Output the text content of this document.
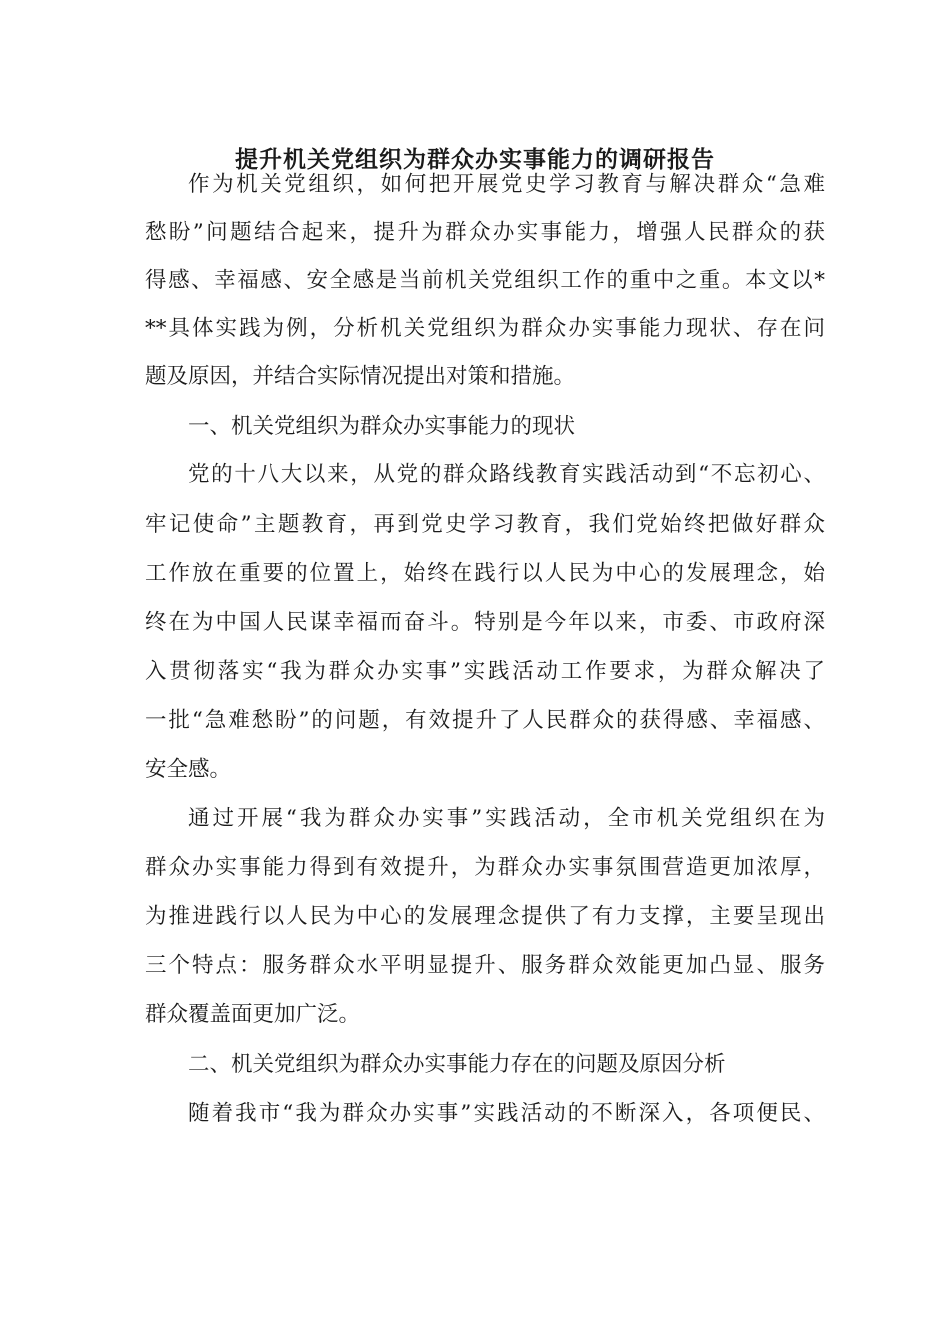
提升机关党组织为群众办实事能力的调研报告
作为机关党组织，如何把开展党史学习教育与解决群众“急难
愁盼”问题结合起来，提升为群众办实事能力，增强人民群众的获
得感、幸福感、安全感是当前机关党组织工作的重中之重。本文以*
**具体实践为例，分析机关党组织为群众办实事能力现状、存在问
题及原因，并结合实际情况提出对策和措施。
一、机关党组织为群众办实事能力的现状
党的十八大以来，从党的群众路线教育实践活动到“不忘初心、
牢记使命”主题教育，再到党史学习教育，我们党始终把做好群众
工作放在重要的位置上，始终在践行以人民为中心的发展理念，始
终在为中国人民谋幸福而奋斗。特别是今年以来，市委、市政府深
入贯彻落实“我为群众办实事”实践活动工作要求，为群众解决了
一批“急难愁盼”的问题，有效提升了人民群众的获得感、幸福感、
安全感。
通过开展“我为群众办实事”实践活动，全市机关党组织在为
群众办实事能力得到有效提升，为群众办实事氛围营造更加浓厚，
为推进践行以人民为中心的发展理念提供了有力支撑，主要呈现出
三个特点：服务群众水平明显提升、服务群众效能更加凸显、服务
群众覆盖面更加广泛。
二、机关党组织为群众办实事能力存在的问题及原因分析
随着我市“我为群众办实事”实践活动的不断深入，各项便民、
